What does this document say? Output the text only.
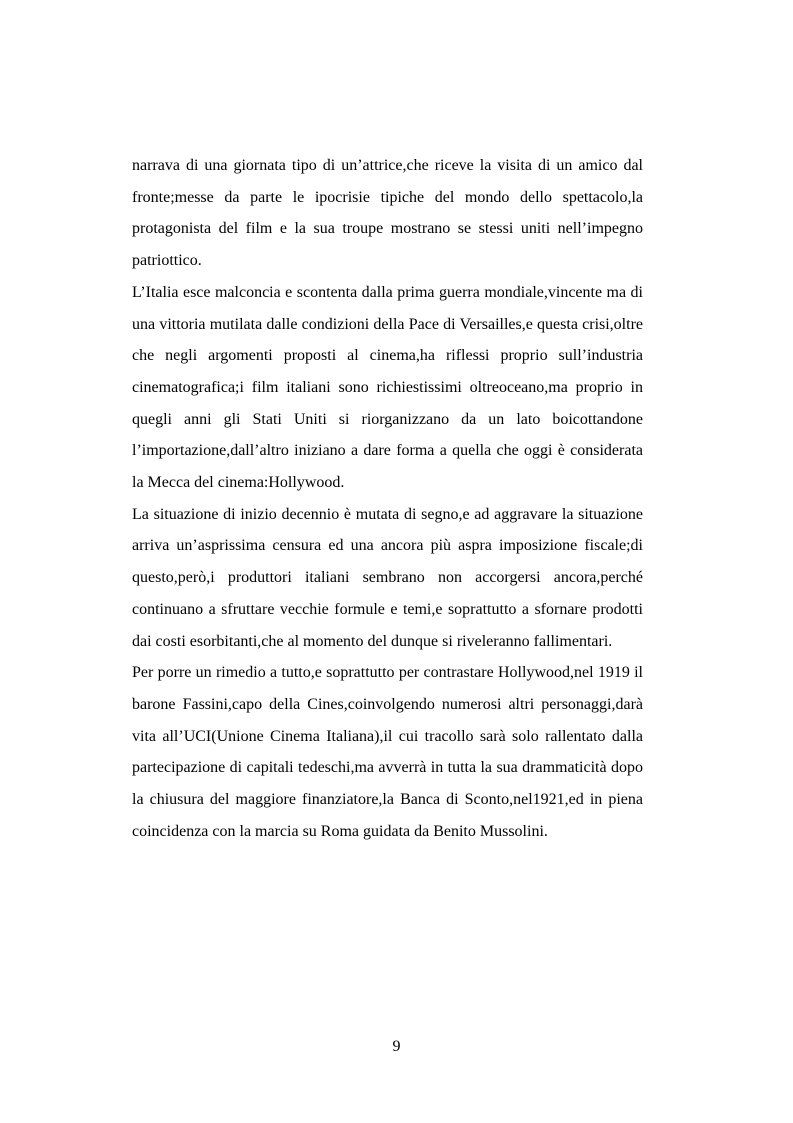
narrava di una giornata tipo di un’attrice,che riceve la visita di un amico dal fronte;messe da parte le ipocrisie tipiche del mondo dello spettacolo,la protagonista del film e la sua troupe mostrano se stessi uniti nell’impegno patriottico.

L’Italia esce malconcia e scontenta dalla prima guerra mondiale,vincente ma di una vittoria mutilata dalle condizioni della Pace di Versailles,e questa crisi,oltre che negli argomenti proposti al cinema,ha riflessi proprio sull’industria cinematografica;i film italiani sono richiestissimi oltreoceano,ma proprio in quegli anni gli Stati Uniti si riorganizzano da un lato boicottandone l’importazione,dall’altro iniziano a dare forma a quella che oggi è considerata la Mecca del cinema:Hollywood.

La situazione di inizio decennio è mutata di segno,e ad aggravare la situazione arriva un’asprissima censura ed una ancora più aspra imposizione fiscale;di questo,però,i produttori italiani sembrano non accorgersi ancora,perché continuano a sfruttare vecchie formule e temi,e soprattutto a sfornare prodotti dai costi esorbitanti,che al momento del dunque si riveleranno fallimentari.

Per porre un rimedio a tutto,e soprattutto per contrastare Hollywood,nel 1919 il barone Fassini,capo della Cines,coinvolgendo numerosi altri personaggi,darà vita all’UCI(Unione Cinema Italiana),il cui tracollo sarà solo rallentato dalla partecipazione di capitali tedeschi,ma avverrà in tutta la sua drammaticità dopo la chiusura del maggiore finanziatore,la Banca di Sconto,nel1921,ed in piena coincidenza con la marcia su Roma guidata da Benito Mussolini.

9
